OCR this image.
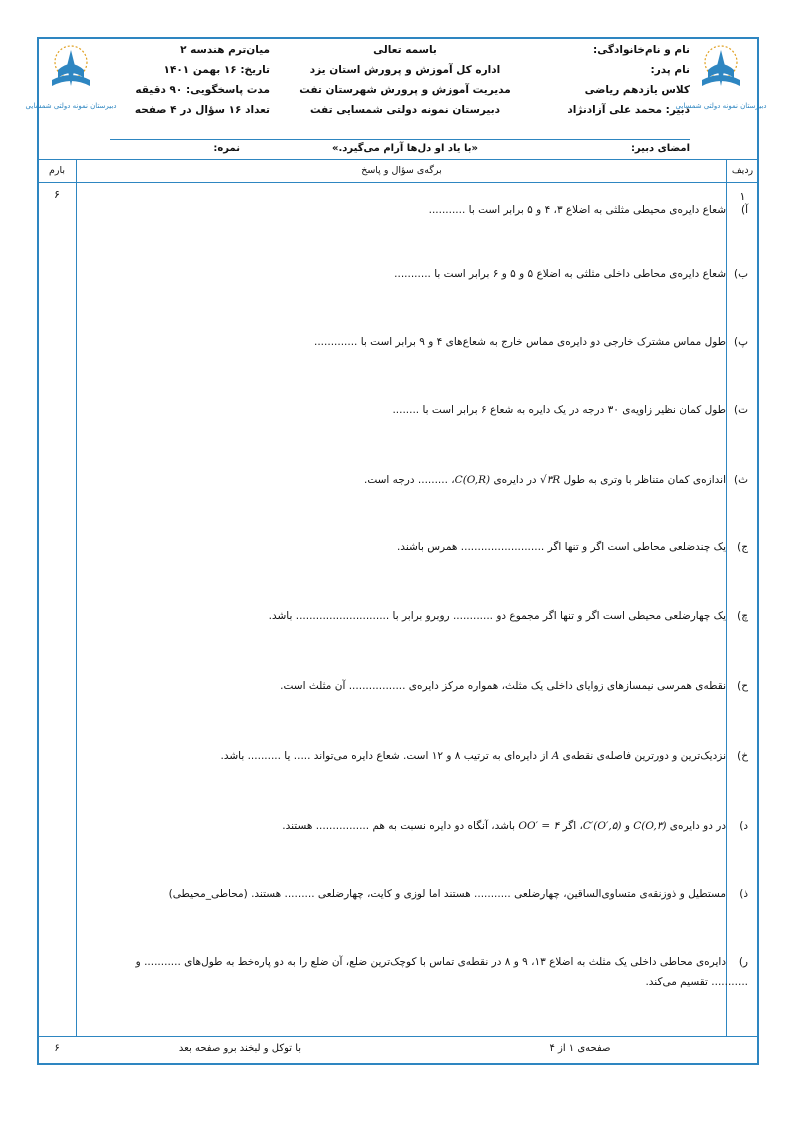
دبیرستان نمونه دولتی شمسایی	دبیرستان نمونه دولتی شمسایی
نام و نام‌خانوادگی:
نام پدر:
کلاس یازدهم ریاضی
دبیر: محمد علی آزادنژاد
باسمه تعالی
اداره کل آموزش و پرورش استان یزد
مدیریت آموزش و پرورش شهرستان تفت
دبیرستان نمونه دولتی شمسایی تفت
میان‌ترم هندسه ۲
تاریخ: ۱۶ بهمن ۱۴۰۱
مدت پاسخگویی: ۹۰ دقیقه
تعداد ۱۶ سؤال در ۴ صفحه
امضای دبیر:
«با یاد او دل‌ها آرام می‌گیرد.»
نمره:
ردیف
برگه‌ی سؤال و پاسخ
بارم
۱
۶
آ)شعاع دایره‌ی محیطی مثلثی به اضلاع ۳، ۴ و ۵ برابر است با ...........
ب)شعاع دایره‌ی محاطی داخلی مثلثی به اضلاع ۵ و ۵ و ۶ برابر است با ...........
پ)طول مماس مشترک خارجی دو دایره‌ی مماس خارج به شعاع‌های ۴ و ۹ برابر است با .............
ت)طول کمان نظیر زاویه‌ی ۳۰ درجه در یک دایره به شعاع ۶ برابر است با ........
ث)اندازه‌ی کمان متناظر با وتری به طول √۳R در دایره‌ی C(O,R)، ......... درجه است.
ج)یک چندضلعی محاطی است اگر و تنها اگر ......................... همرس باشند.
چ)یک چهارضلعی محیطی است اگر و تنها اگر مجموع دو ............ روبرو برابر با ............................ باشد.
ح)نقطه‌ی همرسی نیمسازهای زوایای داخلی یک مثلث، همواره مرکز دایره‌ی ................. آن مثلث است.
خ)نزدیک‌ترین و دورترین فاصله‌ی نقطه‌ی A از دایره‌ای به ترتیب ۸ و ۱۲ است. شعاع دایره می‌تواند ..... یا .......... باشد.
د)در دو دایره‌ی C(O,۳) و C′(O′,۵)، اگر OO′ = ۴ باشد، آنگاه دو دایره نسبت به هم ................ هستند.
ذ)مستطیل و ذوزنقه‌ی متساوی‌الساقین، چهارضلعی ........... هستند اما لوزی و کایت، چهارضلعی ......... هستند. (محاطی_محیطی)
ر)دایره‌ی محاطی داخلی یک مثلث به اضلاع ۱۳، ۹ و ۸ در نقطه‌ی تماس با کوچک‌ترین ضلع، آن ضلع را به دو پاره‌خط به طول‌های ........... و ........... تقسیم می‌کند.
۶	با توکل و لبخند برو صفحه بعد	صفحه‌ی ۱ از ۴
